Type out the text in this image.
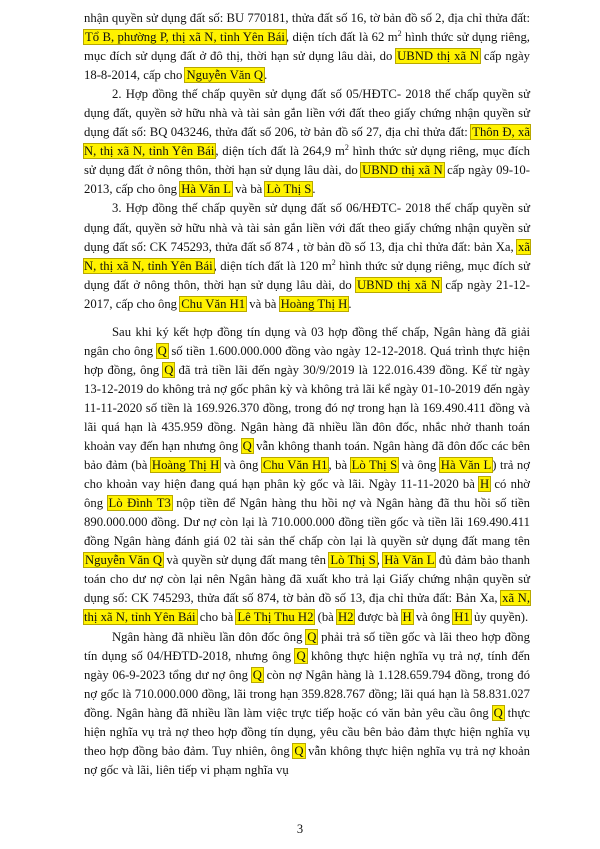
nhận quyền sử dụng đất số: BU 770181, thửa đất số 16, tờ bản đồ số 2, địa chỉ thửa đất: Tổ B, phường P, thị xã N, tỉnh Yên Bái, diện tích đất là 62 $m^2$ hình thức sử dụng riêng, mục đích sử dụng đất ở đô thị, thời hạn sử dụng lâu dài, do UBND thị xã N cấp ngày 18-8-2014, cấp cho Nguyễn Văn Q.

2. Hợp đồng thế chấp quyền sử dụng đất số 05/HĐTC- 2018 thế chấp quyền sử dụng đất, quyền sở hữu nhà và tài sản gắn liền với đất theo giấy chứng nhận quyền sử dụng đất số: BQ 043246, thửa đất số 206, tờ bản đồ số 27, địa chỉ thửa đất: Thôn Đ, xã N, thị xã N, tỉnh Yên Bái, diện tích đất là 264,9 $m^2$ hình thức sử dụng riêng, mục đích sử dụng đất ở nông thôn, thời hạn sử dụng lâu dài, do UBND thị xã N cấp ngày 09-10-2013, cấp cho ông Hà Văn L và bà Lò Thị S.

3. Hợp đồng thế chấp quyền sử dụng đất số 06/HĐTC- 2018 thế chấp quyền sử dụng đất, quyền sở hữu nhà và tài sản gắn liền với đất theo giấy chứng nhận quyền sử dụng đất số: CK 745293, thửa đất số 874 , tờ bản đồ số 13, địa chỉ thửa đất: bản Xa, xã N, thị xã N, tỉnh Yên Bái, diện tích đất là 120 $m^2$ hình thức sử dụng riêng, mục đích sử dụng đất ở nông thôn, thời hạn sử dụng lâu dài, do UBND thị xã N cấp ngày 21-12-2017, cấp cho ông Chu Văn H1 và bà Hoàng Thị H.

Sau khi ký kết hợp đồng tín dụng và 03 hợp đồng thế chấp, Ngân hàng đã giải ngân cho ông Q số tiền 1.600.000.000 đồng vào ngày 12-12-2018. Quá trình thực hiện hợp đồng, ông Q đã trả tiền lãi đến ngày 30/9/2019 là 122.016.439 đồng. Kể từ ngày 13-12-2019 do không trả nợ gốc phân kỳ và không trả lãi kể ngày 01-10-2019 đến ngày 11-11-2020 số tiền là 169.926.370 đồng, trong đó nợ trong hạn là 169.490.411 đồng và lãi quá hạn là 435.959 đồng. Ngân hàng đã nhiều lần đôn đốc, nhắc nhở thanh toán khoản vay đến hạn nhưng ông Q vẫn không thanh toán. Ngân hàng đã đôn đốc các bên bảo đảm (bà Hoàng Thị H và ông Chu Văn H1, bà Lò Thị S và ông Hà Văn L) trả nợ cho khoản vay hiện đang quá hạn phân kỳ gốc và lãi. Ngày 11-11-2020 bà H có nhờ ông Lò Đình T3 nộp tiền để Ngân hàng thu hồi nợ và Ngân hàng đã thu hồi số tiền 890.000.000 đồng. Dư nợ còn lại là 710.000.000 đồng tiền gốc và tiền lãi 169.490.411 đồng Ngân hàng đánh giá 02 tài sản thế chấp còn lại là quyền sử dụng đất mang tên Nguyễn Văn Q và quyền sử dụng đất mang tên Lò Thị S, Hà Văn L đủ đảm bảo thanh toán cho dư nợ còn lại nên Ngân hàng đã xuất kho trả lại Giấy chứng nhận quyền sử dụng số: CK 745293, thửa đất số 874, tờ bản đồ số 13, địa chỉ thửa đất: Bản Xa, xã N, thị xã N, tỉnh Yên Bái cho bà Lê Thị Thu H2 (bà H2 được bà H và ông H1 ủy quyền).

Ngân hàng đã nhiều lần đôn đốc ông Q phải trả số tiền gốc và lãi theo hợp đồng tín dụng số 04/HĐTD-2018, nhưng ông Q không thực hiện nghĩa vụ trả nợ, tính đến ngày 06-9-2023 tổng dư nợ ông Q còn nợ Ngân hàng là 1.128.659.794 đồng, trong đó nợ gốc là 710.000.000 đồng, lãi trong hạn 359.828.767 đồng; lãi quá hạn là 58.831.027 đồng. Ngân hàng đã nhiều lần làm việc trực tiếp hoặc có văn bản yêu cầu ông Q thực hiện nghĩa vụ trả nợ theo hợp đồng tín dụng, yêu cầu bên bảo đảm thực hiện nghĩa vụ theo hợp đồng bảo đảm. Tuy nhiên, ông Q vẫn không thực hiện nghĩa vụ trả nợ khoản nợ gốc và lãi, liên tiếp vi phạm nghĩa vụ

3
